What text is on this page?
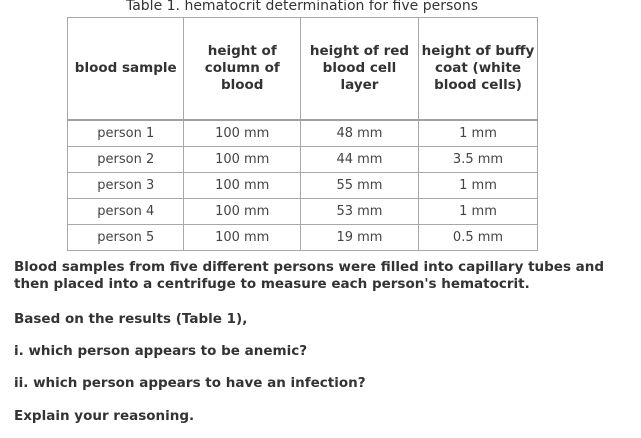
Table 1. hematocrit determination for five persons
blood sample	height of column of blood	height of red blood cell layer	height of buffy coat (white blood cells)
person 1	100 mm	48 mm	1 mm
person 2	100 mm	44 mm	3.5 mm
person 3	100 mm	55 mm	1 mm
person 4	100 mm	53 mm	1 mm
person 5	100 mm	19 mm	0.5 mm
Blood samples from five different persons were filled into capillary tubes and then placed into a centrifuge to measure each person's hematocrit.
Based on the results (Table 1),
i. which person appears to be anemic?
ii. which person appears to have an infection?
Explain your reasoning.
